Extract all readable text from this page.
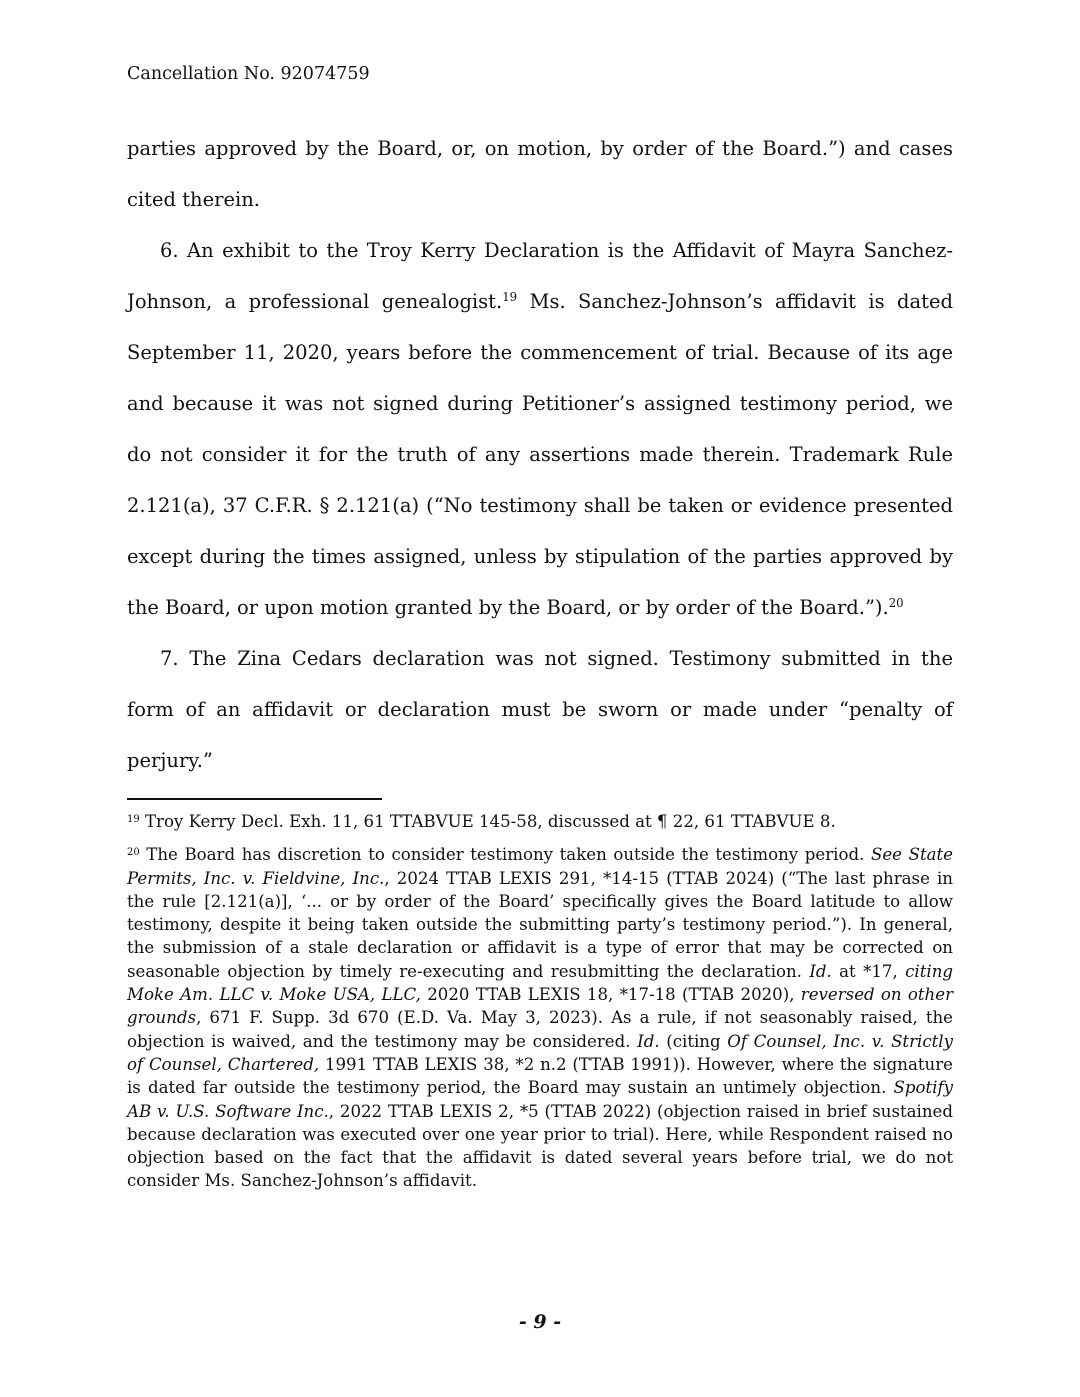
Cancellation No. 92074759

parties approved by the Board, or, on motion, by order of the Board.”) and cases cited therein.

6. An exhibit to the Troy Kerry Declaration is the Affidavit of Mayra Sanchez-Johnson, a professional genealogist.$^{19}$ Ms. Sanchez-Johnson’s affidavit is dated September 11, 2020, years before the commencement of trial. Because of its age and because it was not signed during Petitioner’s assigned testimony period, we do not consider it for the truth of any assertions made therein. Trademark Rule 2.121(a), 37 C.F.R. § 2.121(a) (“No testimony shall be taken or evidence presented except during the times assigned, unless by stipulation of the parties approved by the Board, or upon motion granted by the Board, or by order of the Board.”).$^{20}$

7. The Zina Cedars declaration was not signed. Testimony submitted in the form of an affidavit or declaration must be sworn or made under “penalty of perjury.”

$^{19}$ Troy Kerry Decl. Exh. 11, 61 TTABVUE 145-58, discussed at ¶ 22, 61 TTABVUE 8.

$^{20}$ The Board has discretion to consider testimony taken outside the testimony period. See State Permits, Inc. v. Fieldvine, Inc., 2024 TTAB LEXIS 291, *14-15 (TTAB 2024) (“The last phrase in the rule [2.121(a)], ‘... or by order of the Board’ specifically gives the Board latitude to allow testimony, despite it being taken outside the submitting party’s testimony period.”). In general, the submission of a stale declaration or affidavit is a type of error that may be corrected on seasonable objection by timely re-executing and resubmitting the declaration. Id. at *17, citing Moke Am. LLC v. Moke USA, LLC, 2020 TTAB LEXIS 18, *17-18 (TTAB 2020), reversed on other grounds, 671 F. Supp. 3d 670 (E.D. Va. May 3, 2023). As a rule, if not seasonably raised, the objection is waived, and the testimony may be considered. Id. (citing Of Counsel, Inc. v. Strictly of Counsel, Chartered, 1991 TTAB LEXIS 38, *2 n.2 (TTAB 1991)). However, where the signature is dated far outside the testimony period, the Board may sustain an untimely objection. Spotify AB v. U.S. Software Inc., 2022 TTAB LEXIS 2, *5 (TTAB 2022) (objection raised in brief sustained because declaration was executed over one year prior to trial). Here, while Respondent raised no objection based on the fact that the affidavit is dated several years before trial, we do not consider Ms. Sanchez-Johnson’s affidavit.

- 9 -
